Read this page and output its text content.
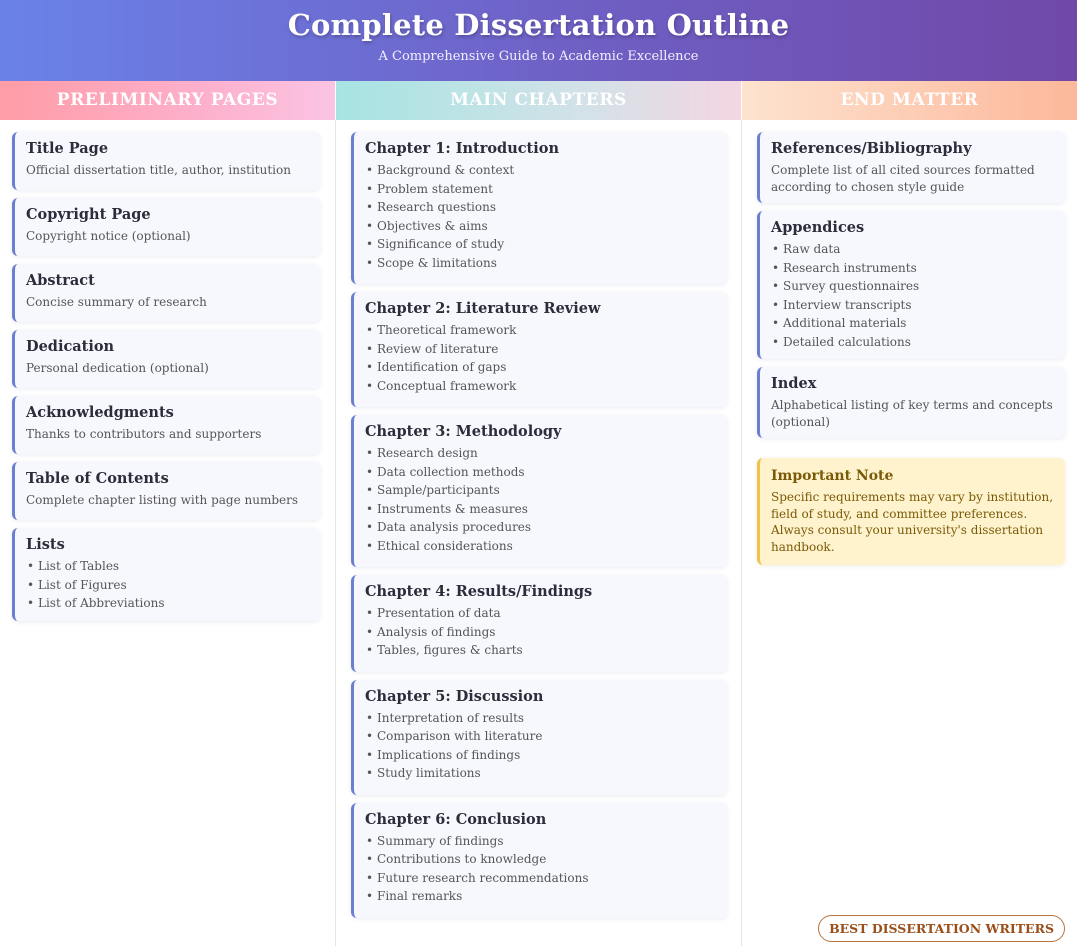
Complete Dissertation Outline
A Comprehensive Guide to Academic Excellence
PRELIMINARY PAGES	MAIN CHAPTERS	END MATTER
Title Page
Official dissertation title, author, institution
Copyright Page
Copyright notice (optional)
Abstract
Concise summary of research
Dedication
Personal dedication (optional)
Acknowledgments
Thanks to contributors and supporters
Table of Contents
Complete chapter listing with page numbers
Lists
• List of Tables
• List of Figures
• List of Abbreviations
Chapter 1: Introduction
• Background & context
• Problem statement
• Research questions
• Objectives & aims
• Significance of study
• Scope & limitations
Chapter 2: Literature Review
• Theoretical framework
• Review of literature
• Identification of gaps
• Conceptual framework
Chapter 3: Methodology
• Research design
• Data collection methods
• Sample/participants
• Instruments & measures
• Data analysis procedures
• Ethical considerations
Chapter 4: Results/Findings
• Presentation of data
• Analysis of findings
• Tables, figures & charts
Chapter 5: Discussion
• Interpretation of results
• Comparison with literature
• Implications of findings
• Study limitations
Chapter 6: Conclusion
• Summary of findings
• Contributions to knowledge
• Future research recommendations
• Final remarks
References/Bibliography
Complete list of all cited sources formatted according to chosen style guide
Appendices
• Raw data
• Research instruments
• Survey questionnaires
• Interview transcripts
• Additional materials
• Detailed calculations
Index
Alphabetical listing of key terms and concepts (optional)
Important Note
Specific requirements may vary by institution, field of study, and committee preferences. Always consult your university's dissertation handbook.
BEST DISSERTATION WRITERS
